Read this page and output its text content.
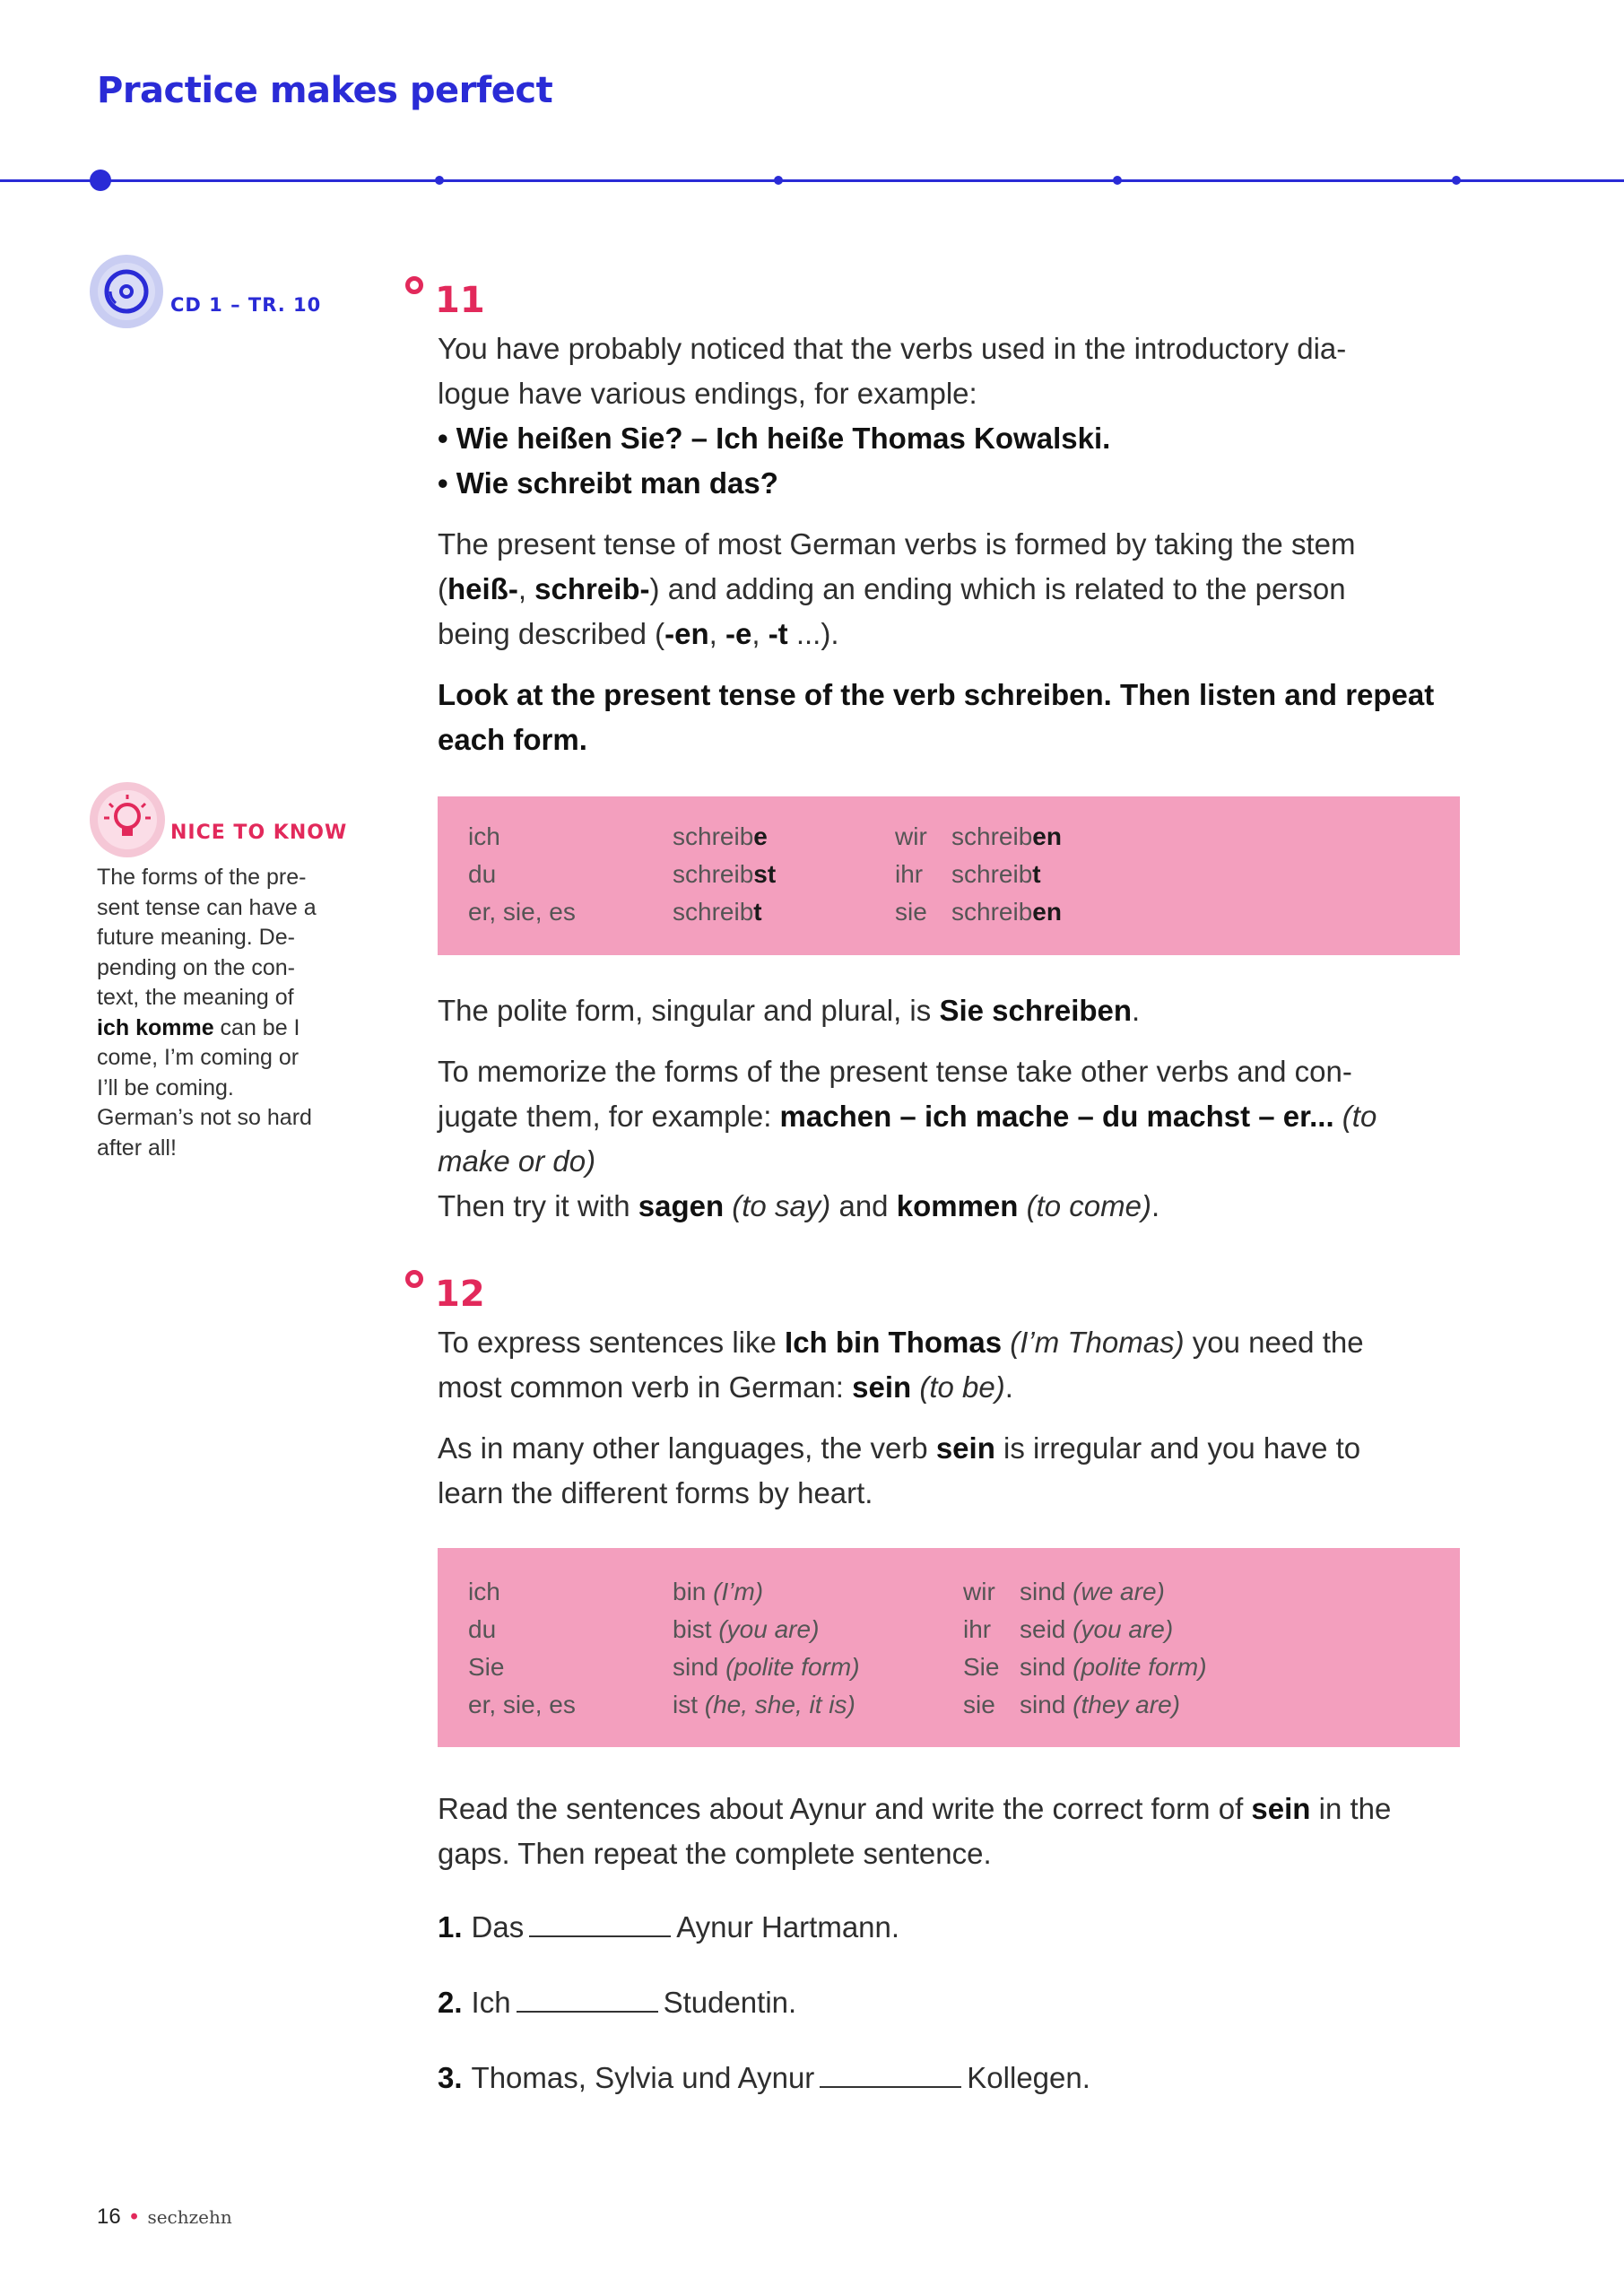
Practice makes perfect
CD 1 – TR. 10
NICE TO KNOW
The forms of the pre-
sent tense can have a
future meaning. De-
pending on the con-
text, the meaning of
ich komme can be I
come, I’m coming or
I’ll be coming.
German’s not so hard
after all!
11

You have probably noticed that the verbs used in the introductory dia-

logue have various endings, for example:

• Wie heißen Sie? – Ich heiße Thomas Kowalski.

• Wie schreibt man das?

The present tense of most German verbs is formed by taking the stem

(heiß-, schreib-) and adding an ending which is related to the person

being described (-en, -e, -t ...).

Look at the present tense of the verb schreiben. Then listen and repeat

each form.

ich	schreibe	wir schreiben
du	schreibst	ihr schreibt
er, sie, es	schreibt	sie schreiben

The polite form, singular and plural, is Sie schreiben.

To memorize the forms of the present tense take other verbs and con-

jugate them, for example: machen – ich mache – du machst – er... (to

make or do)

Then try it with sagen (to say) and kommen (to come).

12

To express sentences like Ich bin Thomas (I’m Thomas) you need the

most common verb in German: sein (to be).

As in many other languages, the verb sein is irregular and you have to

learn the different forms by heart.

ich	bin (I’m)	wir sind (we are)
du	bist (you are)	ihr seid (you are)
Sie	sind (polite form)	Sie sind (polite form)
er, sie, es	ist (he, she, it is)	sie sind (they are)

Read the sentences about Aynur and write the correct form of sein in the

gaps. Then repeat the complete sentence.

1. Das	Aynur Hartmann.
2. Ich	Studentin.
3. Thomas, Sylvia und Aynur	Kollegen.
16 • sechzehn
